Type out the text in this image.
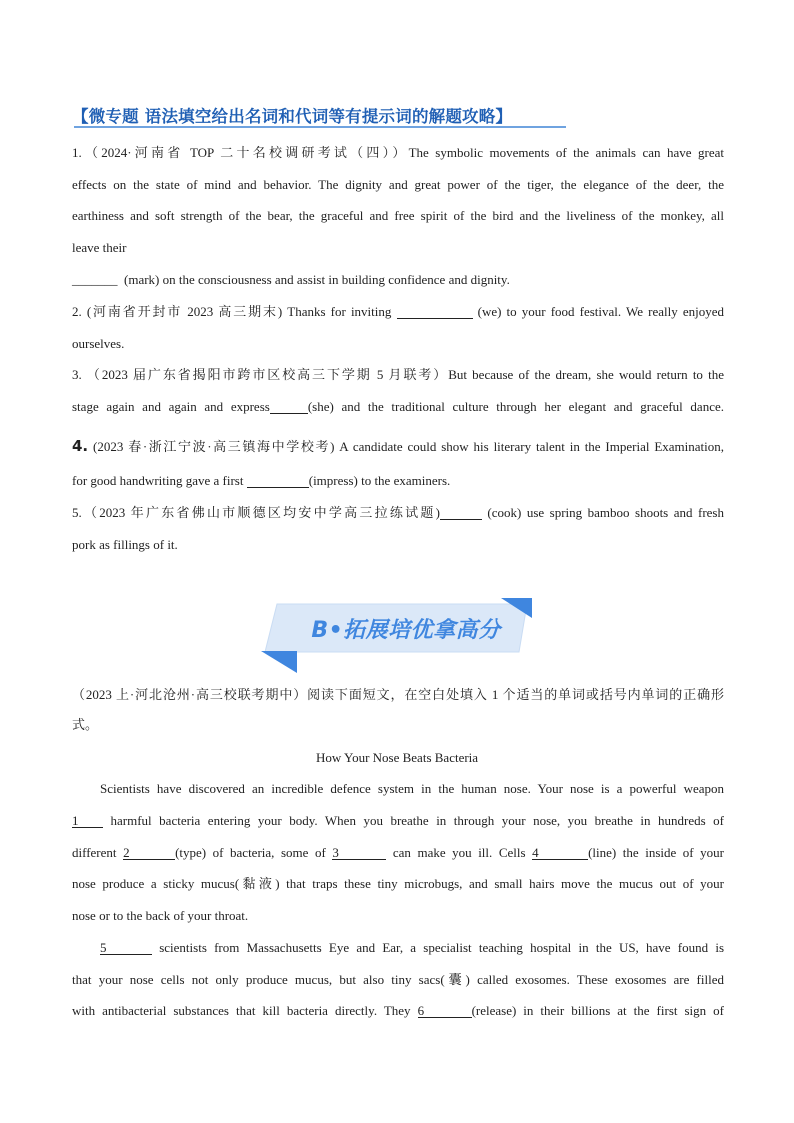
【微专题 语法填空给出名词和代词等有提示词的解题攻略】
1.（2024·河南省 TOP 二十名校调研考试（四））The symbolic movements of the animals can have great
effects on the state of mind and behavior. The dignity and great power of the tiger, the elegance of the deer, the
earthiness and soft strength of the bear, the graceful and free spirit of the bird and the liveliness of the monkey, all
leave their
_______ (mark) on the consciousness and assist in building confidence and dignity.
2. (河南省开封市 2023 高三期末) Thanks for inviting	(we) to your food festival. We really enjoyed
ourselves.
3. （2023 届广东省揭阳市跨市区校高三下学期 5 月联考）But because of the dream, she would return to the
stage again and again and express	(she) and the traditional culture through her elegant and graceful dance.
4. (2023 春·浙江宁波·高三镇海中学校考) A candidate could show his literary talent in the Imperial Examination,
for good handwriting gave a first	(impress) to the examiners.
5.（2023 年广东省佛山市顺德区均安中学高三拉练试题)	(cook) use spring bamboo shoots and fresh
pork as fillings of it.
B•拓展培优拿高分
（2023 上·河北沧州·高三校联考期中）阅读下面短文，在空白处填入 1 个适当的单词或括号内单词的正确形
式。
How Your Nose Beats Bacteria
Scientists have discovered an incredible defence system in the human nose. Your nose is a powerful weapon
1 harmful bacteria entering your body. When you breathe in through your nose, you breathe in hundreds of
different 2	(type) of bacteria, some of 3	can make you ill. Cells 4	(line) the inside of your
nose produce a sticky mucus(黏液) that traps these tiny microbugs, and small hairs move the mucus out of your
nose or to the back of your throat.
5	scientists from Massachusetts Eye and Ear, a specialist teaching hospital in the US, have found is
that your nose cells not only produce mucus, but also tiny sacs(囊) called exosomes. These exosomes are filled
with antibacterial substances that kill bacteria directly. They 6	(release) in their billions at the first sign of
